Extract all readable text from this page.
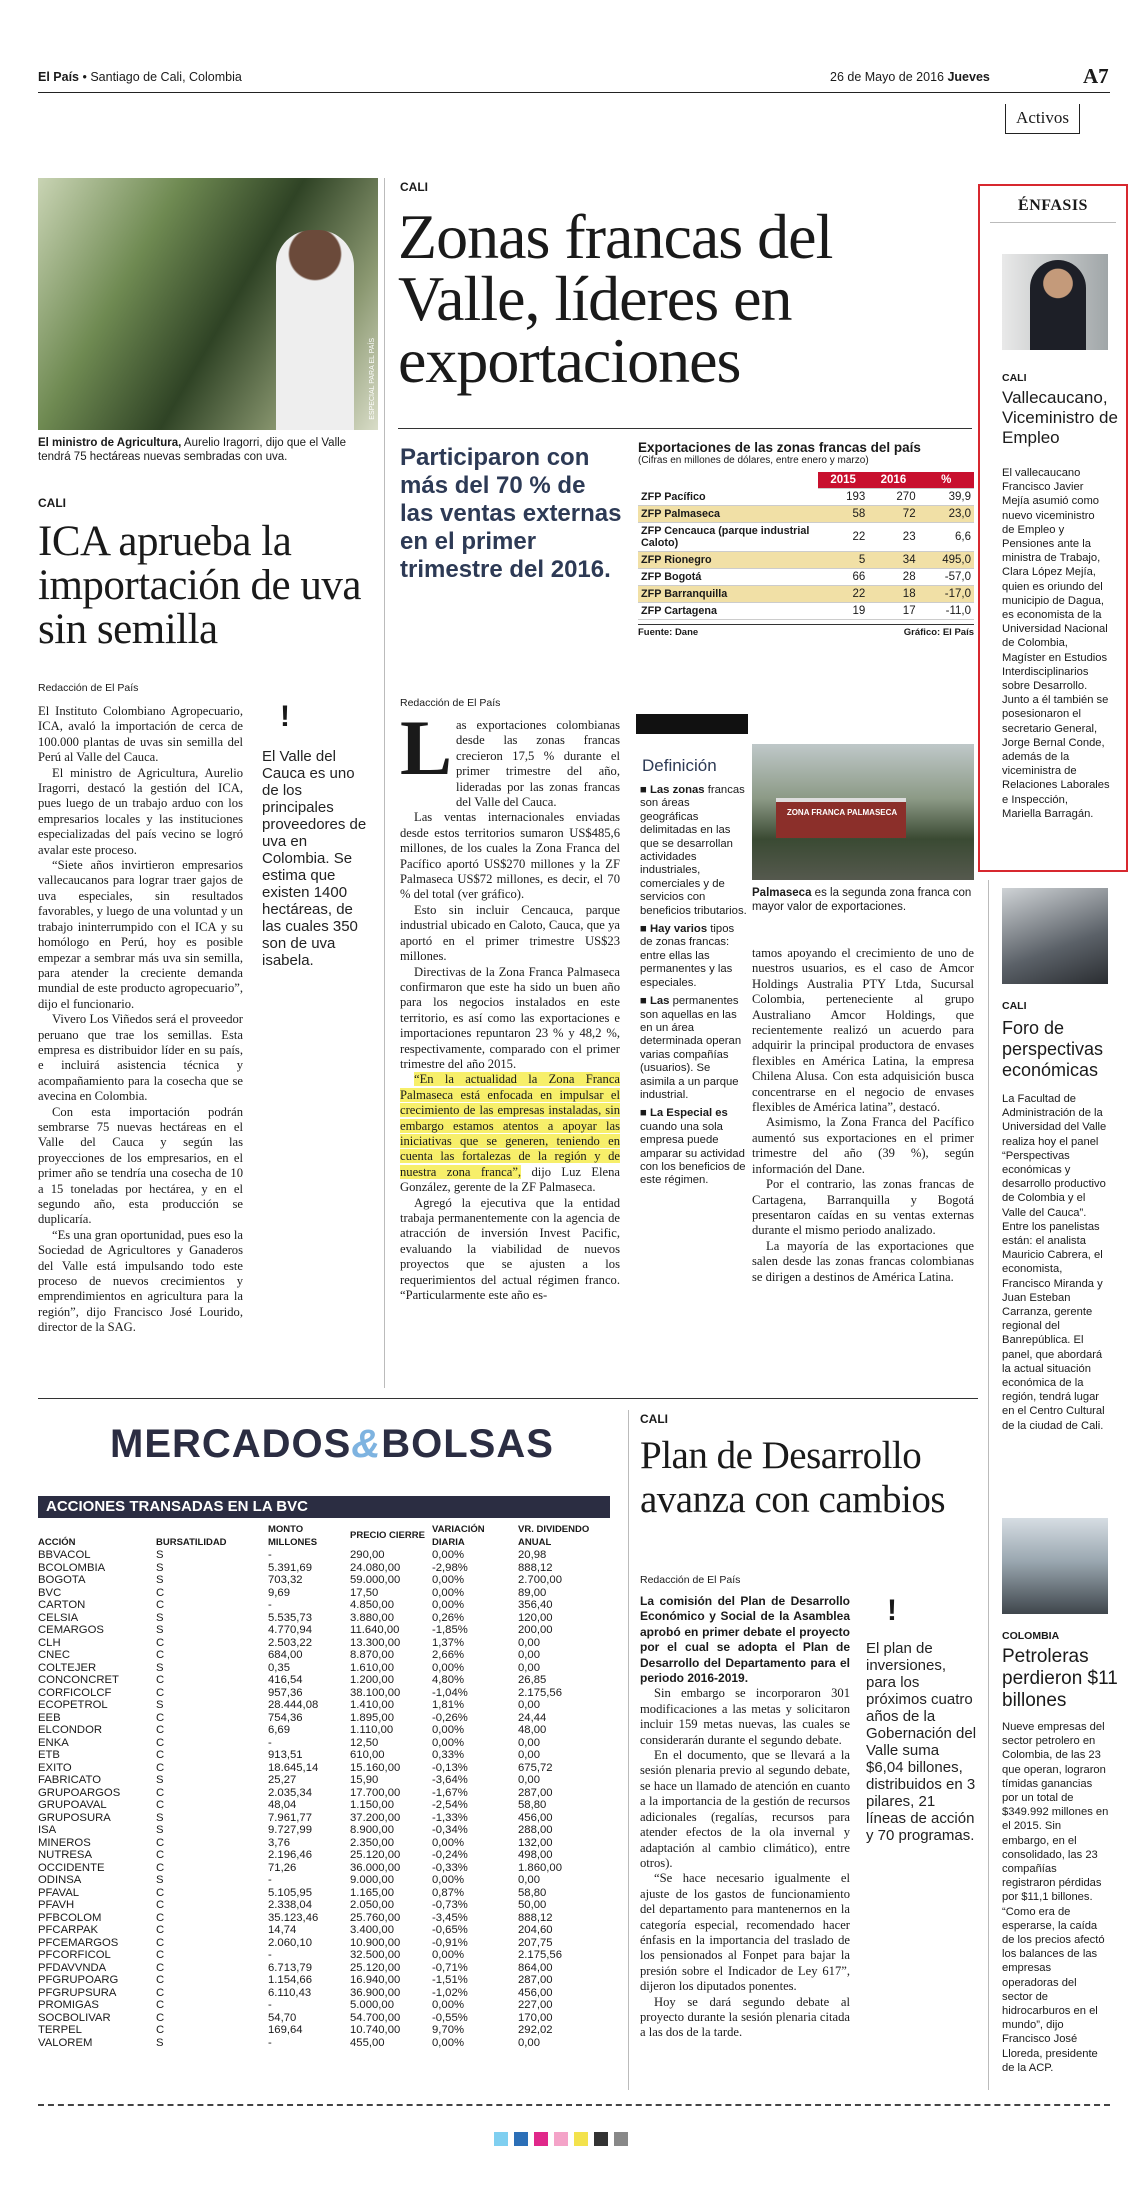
El País • Santiago de Cali, Colombia	26 de Mayo de 2016 Jueves	A7
Activos
ESPECIAL PARA EL PAÍS
El ministro de Agricultura, Aurelio Iragorri, dijo que el Valle tendrá 75 hectáreas nuevas sembradas con uva.
CALI
ICA aprueba la importación de uva sin semilla
Redacción de El País

El Instituto Colombiano Agropecuario, ICA, avaló la importación de cerca de 100.000 plantas de uvas sin semilla del Perú al Valle del Cauca.

El ministro de Agricultura, Aurelio Iragorri, destacó la gestión del ICA, pues luego de un trabajo arduo con los empresarios locales y las instituciones especializadas del país vecino se logró avalar este proceso.

“Siete años invirtieron empresarios vallecaucanos para lograr traer gajos de uva especiales, sin resultados favorables, y luego de una voluntad y un trabajo ininterrumpido con el ICA y su homólogo en Perú, hoy es posible empezar a sembrar más uva sin semilla, para atender la creciente demanda mundial de este producto agropecuario”, dijo el funcionario.

Vivero Los Viñedos será el proveedor peruano que trae los semillas. Esta empresa es distribuidor líder en su país, e incluirá asistencia técnica y acompañamiento para la cosecha que se avecina en Colombia.

Con esta importación podrán sembrarse 75 nuevas hectáreas en el Valle del Cauca y según las proyecciones de los empresarios, en el primer año se tendría una cosecha de 10 a 15 toneladas por hectárea, y en el segundo año, esta producción se duplicaría.

“Es una gran oportunidad, pues eso la Sociedad de Agricultores y Ganaderos del Valle está impulsando todo este proceso de nuevos crecimientos y emprendimientos en agricultura para la región”, dijo Francisco José Lourido, director de la SAG.

!
El Valle del Cauca es uno de los principales proveedores de uva en Colombia. Se estima que existen 1400 hectáreas, de las cuales 350 son de uva isabela.
CALI
Zonas francas del Valle, líderes en exportaciones
Participaron con más del 70 % de las ventas externas en el primer trimestre del 2016.
Exportaciones de las zonas francas del país
(Cifras en millones de dólares, entre enero y marzo)
	2015	2016	%
ZFP Pacífico	193	270	39,9
ZFP Palmaseca	58	72	23,0
ZFP Cencauca (parque industrial Caloto)	22	23	6,6
ZFP Rionegro	5	34	495,0
ZFP Bogotá	66	28	-57,0
ZFP Barranquilla	22	18	-17,0
ZFP Cartagena	19	17	-11,0
Fuente: Dane	Gráfico: El País
Redacción de El País
L as exportaciones colombianas desde las zonas francas crecieron 17,5 % durante el primer trimestre del año, lideradas por las zonas francas del Valle del Cauca.

Las ventas internacionales enviadas desde estos territorios sumaron US$485,6 millones, de los cuales la Zona Franca del Pacífico aportó US$270 millones y la ZF Palmaseca US$72 millones, es decir, el 70 % del total (ver gráfico).

Esto sin incluir Cencauca, parque industrial ubicado en Caloto, Cauca, que ya aportó en el primer trimestre US$23 millones.

Directivas de la Zona Franca Palmaseca confirmaron que este ha sido un buen año para los negocios instalados en este territorio, es así como las exportaciones e importaciones repuntaron 23 % y 48,2 %, respectivamente, comparado con el primer trimestre del año 2015.

“En la actualidad la Zona Franca Palmaseca está enfocada en impulsar el crecimiento de las empresas instaladas, sin embargo estamos atentos a apoyar las iniciativas que se generen, teniendo en cuenta las fortalezas de la región y de nuestra zona franca”, dijo Luz Elena González, gerente de la ZF Palmaseca.

Agregó la ejecutiva que la entidad trabaja permanentemente con la agencia de atracción de inversión Invest Pacific, evaluando la viabilidad de nuevos proyectos que se ajusten a los requerimientos del actual régimen franco. “Particularmente este año es-

Definición
■ Las zonas francas son áreas geográficas delimitadas en las que se desarrollan actividades industriales, comerciales y de servicios con beneficios tributarios.
■ Hay varios tipos de zonas francas: entre ellas las permanentes y las especiales.
■ Las permanentes son aquellas en las en un área determinada operan varias compañías (usuarios). Se asimila a un parque industrial.
■ La Especial es cuando una sola empresa puede amparar su actividad con los beneficios de este régimen.
ZONA FRANCA PALMASECA
Palmaseca es la segunda zona franca con mayor valor de exportaciones.

tamos apoyando el crecimiento de uno de nuestros usuarios, es el caso de Amcor Holdings Australia PTY Ltda, Sucursal Colombia, perteneciente al grupo Australiano Amcor Holdings, que recientemente realizó un acuerdo para adquirir la principal productora de envases flexibles en América Latina, la empresa Chilena Alusa. Con esta adquisición busca concentrarse en el negocio de envases flexibles de América latina”, destacó.

Asimismo, la Zona Franca del Pacífico aumentó sus exportaciones en el primer trimestre del año (39 %), según información del Dane.

Por el contrario, las zonas francas de Cartagena, Barranquilla y Bogotá presentaron caídas en su ventas externas durante el mismo periodo analizado.

La mayoría de las exportaciones que salen desde las zonas francas colombianas se dirigen a destinos de América Latina.

ÉNFASIS
CALI
Vallecaucano, Viceministro de Empleo

El vallecaucano Francisco Javier Mejía asumió como nuevo viceministro de Empleo y Pensiones ante la ministra de Trabajo, Clara López Mejía, quien es oriundo del municipio de Dagua, es economista de la Universidad Nacional de Colombia, Magíster en Estudios Interdisciplinarios sobre Desarrollo. Junto a él también se posesionaron el secretario General, Jorge Bernal Conde, además de la viceministra de Relaciones Laborales e Inspección, Mariella Barragán.

CALI
Foro de perspectivas económicas

La Facultad de Administración de la Universidad del Valle realiza hoy el panel “Perspectivas económicas y desarrollo productivo de Colombia y el Valle del Cauca”. Entre los panelistas están: el analista Mauricio Cabrera, el economista, Francisco Miranda y Juan Esteban Carranza, gerente regional del Banrepública. El panel, que abordará la actual situación económica de la región, tendrá lugar en el Centro Cultural de la ciudad de Cali.

COLOMBIA
Petroleras perdieron $11 billones

Nueve empresas del sector petrolero en Colombia, de las 23 que operan, lograron tímidas ganancias por un total de $349.992 millones en el 2015. Sin embargo, en el consolidado, las 23 compañías registraron pérdidas por $11,1 billones. “Como era de esperarse, la caída de los precios afectó los balances de las empresas operadoras del sector de hidrocarburos en el mundo”, dijo Francisco José Lloreda, presidente de la ACP.

MERCADOS&BOLSAS
ACCIONES TRANSADAS EN LA BVC
ACCIÓN	BURSATILIDAD	MONTO MILLONES	PRECIO CIERRE	VARIACIÓN DIARIA	VR. DIVIDENDO ANUAL
BBVACOL	S	-	290,00	0,00%	20,98
BCOLOMBIA	S	5.391,69	24.080,00	-2,98%	888,12
BOGOTA	S	703,32	59.000,00	0,00%	2.700,00
BVC	C	9,69	17,50	0,00%	89,00
CARTON	C	-	4.850,00	0,00%	356,40
CELSIA	S	5.535,73	3.880,00	0,26%	120,00
CEMARGOS	S	4.770,94	11.640,00	-1,85%	200,00
CLH	C	2.503,22	13.300,00	1,37%	0,00
CNEC	C	684,00	8.870,00	2,66%	0,00
COLTEJER	S	0,35	1.610,00	0,00%	0,00
CONCONCRET	C	416,54	1.200,00	4,80%	26,85
CORFICOLCF	C	957,36	38.100,00	-1,04%	2.175,56
ECOPETROL	S	28.444,08	1.410,00	1,81%	0,00
EEB	C	754,36	1.895,00	-0,26%	24,44
ELCONDOR	C	6,69	1.110,00	0,00%	48,00
ENKA	C	-	12,50	0,00%	0,00
ETB	C	913,51	610,00	0,33%	0,00
EXITO	C	18.645,14	15.160,00	-0,13%	675,72
FABRICATO	S	25,27	15,90	-3,64%	0,00
GRUPOARGOS	C	2.035,34	17.700,00	-1,67%	287,00
GRUPOAVAL	C	48,04	1.150,00	-2,54%	58,80
GRUPOSURA	S	7.961,77	37.200,00	-1,33%	456,00
ISA	S	9.727,99	8.900,00	-0,34%	288,00
MINEROS	C	3,76	2.350,00	0,00%	132,00
NUTRESA	C	2.196,46	25.120,00	-0,24%	498,00
OCCIDENTE	C	71,26	36.000,00	-0,33%	1.860,00
ODINSA	S	-	9.000,00	0,00%	0,00
PFAVAL	C	5.105,95	1.165,00	0,87%	58,80
PFAVH	C	2.338,04	2.050,00	-0,73%	50,00
PFBCOLOM	C	35.123,46	25.760,00	-3,45%	888,12
PFCARPAK	C	14,74	3.400,00	-0,65%	204,60
PFCEMARGOS	C	2.060,10	10.900,00	-0,91%	207,75
PFCORFICOL	C	-	32.500,00	0,00%	2.175,56
PFDAVVNDA	C	6.713,79	25.120,00	-0,71%	864,00
PFGRUPOARG	C	1.154,66	16.940,00	-1,51%	287,00
PFGRUPSURA	C	6.110,43	36.900,00	-1,02%	456,00
PROMIGAS	C	-	5.000,00	0,00%	227,00
SOCBOLIVAR	C	54,70	54.700,00	-0,55%	170,00
TERPEL	C	169,64	10.740,00	9,70%	292,02
VALOREM	S	-	455,00	0,00%	0,00
CALI
Plan de Desarrollo avanza con cambios
Redacción de El País

La comisión del Plan de Desarrollo Económico y Social de la Asamblea aprobó en primer debate el proyecto por el cual se adopta el Plan de Desarrollo del Departamento para el periodo 2016-2019.

Sin embargo se incorporaron 301 modificaciones a las metas y solicitaron incluir 159 metas nuevas, las cuales se considerarán durante el segundo debate.

En el documento, que se llevará a la sesión plenaria previo al segundo debate, se hace un llamado de atención en cuanto a la importancia de la gestión de recursos adicionales (regalías, recursos para atender efectos de la ola invernal y adaptación al cambio climático), entre otros).

“Se hace necesario igualmente el ajuste de los gastos de funcionamiento del departamento para mantenernos en la categoría especial, recomendado hacer énfasis en la importancia del traslado de los pensionados al Fonpet para bajar la presión sobre el Indicador de Ley 617”, dijeron los diputados ponentes.

Hoy se dará segundo debate al proyecto durante la sesión plenaria citada a las dos de la tarde.

!
El plan de inversiones, para los próximos cuatro años de la Gobernación del Valle suma $6,04 billones, distribuidos en 3 pilares, 21 líneas de acción y 70 programas.
